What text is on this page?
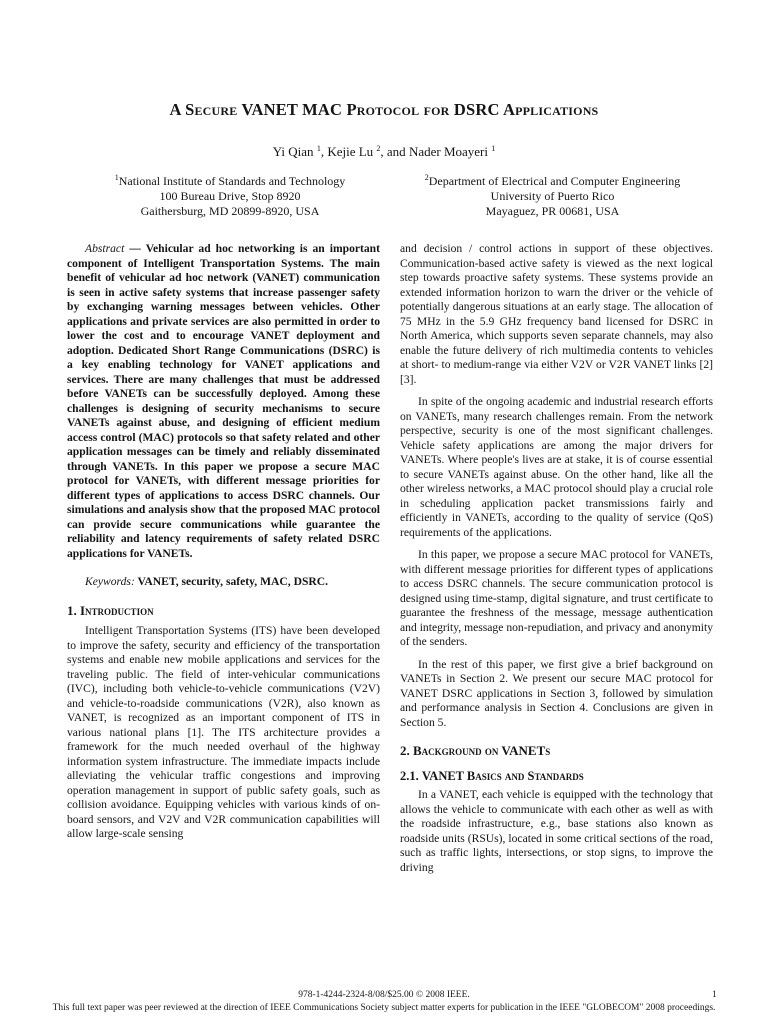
A Secure VANET MAC Protocol for DSRC Applications
Yi Qian $^1$, Kejie Lu $^2$, and Nader Moayeri $^1$
$^1$National Institute of Standards and Technology
100 Bureau Drive, Stop 8920
Gaithersburg, MD 20899-8920, USA
$^2$Department of Electrical and Computer Engineering
University of Puerto Rico
Mayaguez, PR 00681, USA

Abstract — Vehicular ad hoc networking is an important component of Intelligent Transportation Systems. The main benefit of vehicular ad hoc network (VANET) communication is seen in active safety systems that increase passenger safety by exchanging warning messages between vehicles. Other applications and private services are also permitted in order to lower the cost and to encourage VANET deployment and adoption. Dedicated Short Range Communications (DSRC) is a key enabling technology for VANET applications and services. There are many challenges that must be addressed before VANETs can be successfully deployed. Among these challenges is designing of security mechanisms to secure VANETs against abuse, and designing of efficient medium access control (MAC) protocols so that safety related and other application messages can be timely and reliably disseminated through VANETs. In this paper we propose a secure MAC protocol for VANETs, with different message priorities for different types of applications to access DSRC channels. Our simulations and analysis show that the proposed MAC protocol can provide secure communications while guarantee the reliability and latency requirements of safety related DSRC applications for VANETs.

Keywords: VANET, security, safety, MAC, DSRC.

1. Introduction

Intelligent Transportation Systems (ITS) have been developed to improve the safety, security and efficiency of the transportation systems and enable new mobile applications and services for the traveling public. The field of inter-vehicular communications (IVC), including both vehicle-to-vehicle communications (V2V) and vehicle-to-roadside communications (V2R), also known as VANET, is recognized as an important component of ITS in various national plans [1]. The ITS architecture provides a framework for the much needed overhaul of the highway information system infrastructure. The immediate impacts include alleviating the vehicular traffic congestions and improving operation management in support of public safety goals, such as collision avoidance. Equipping vehicles with various kinds of on-board sensors, and V2V and V2R communication capabilities will allow large-scale sensing

and decision / control actions in support of these objectives. Communication-based active safety is viewed as the next logical step towards proactive safety systems. These systems provide an extended information horizon to warn the driver or the vehicle of potentially dangerous situations at an early stage. The allocation of 75 MHz in the 5.9 GHz frequency band licensed for DSRC in North America, which supports seven separate channels, may also enable the future delivery of rich multimedia contents to vehicles at short- to medium-range via either V2V or V2R VANET links [2] [3].

In spite of the ongoing academic and industrial research efforts on VANETs, many research challenges remain. From the network perspective, security is one of the most significant challenges. Vehicle safety applications are among the major drivers for VANETs. Where people's lives are at stake, it is of course essential to secure VANETs against abuse. On the other hand, like all the other wireless networks, a MAC protocol should play a crucial role in scheduling application packet transmissions fairly and efficiently in VANETs, according to the quality of service (QoS) requirements of the applications.

In this paper, we propose a secure MAC protocol for VANETs, with different message priorities for different types of applications to access DSRC channels. The secure communication protocol is designed using time-stamp, digital signature, and trust certificate to guarantee the freshness of the message, message authentication and integrity, message non-repudiation, and privacy and anonymity of the senders.

In the rest of this paper, we first give a brief background on VANETs in Section 2. We present our secure MAC protocol for VANET DSRC applications in Section 3, followed by simulation and performance analysis in Section 4. Conclusions are given in Section 5.

2. Background on VANETs
2.1. VANET Basics and Standards

In a VANET, each vehicle is equipped with the technology that allows the vehicle to communicate with each other as well as with the roadside infrastructure, e.g., base stations also known as roadside units (RSUs), located in some critical sections of the road, such as traffic lights, intersections, or stop signs, to improve the driving

978-1-4244-2324-8/08/$25.00 © 2008 IEEE.	1
This full text paper was peer reviewed at the direction of IEEE Communications Society subject matter experts for publication in the IEEE "GLOBECOM" 2008 proceedings.
